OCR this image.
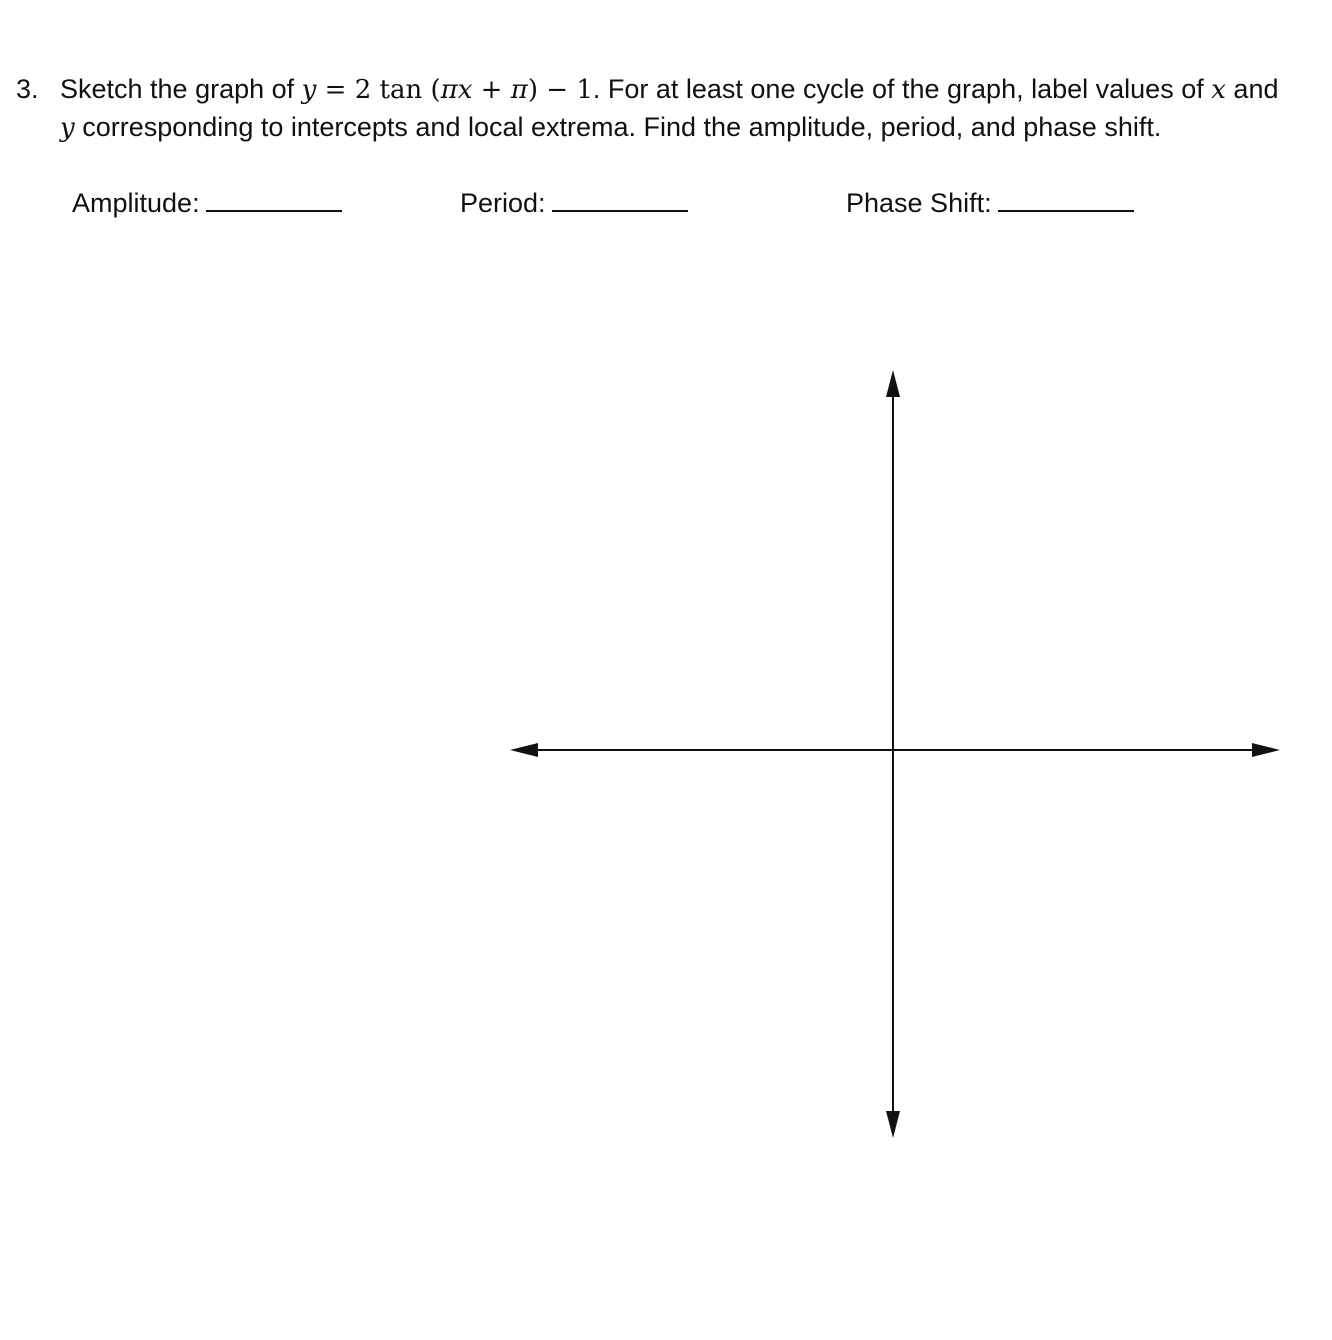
3. Sketch the graph of y = 2 tan (πx + π) − 1. For at least one cycle of the graph, label values of x and
y corresponding to intercepts and local extrema. Find the amplitude, period, and phase shift.
Amplitude:	Period:	Phase Shift:
